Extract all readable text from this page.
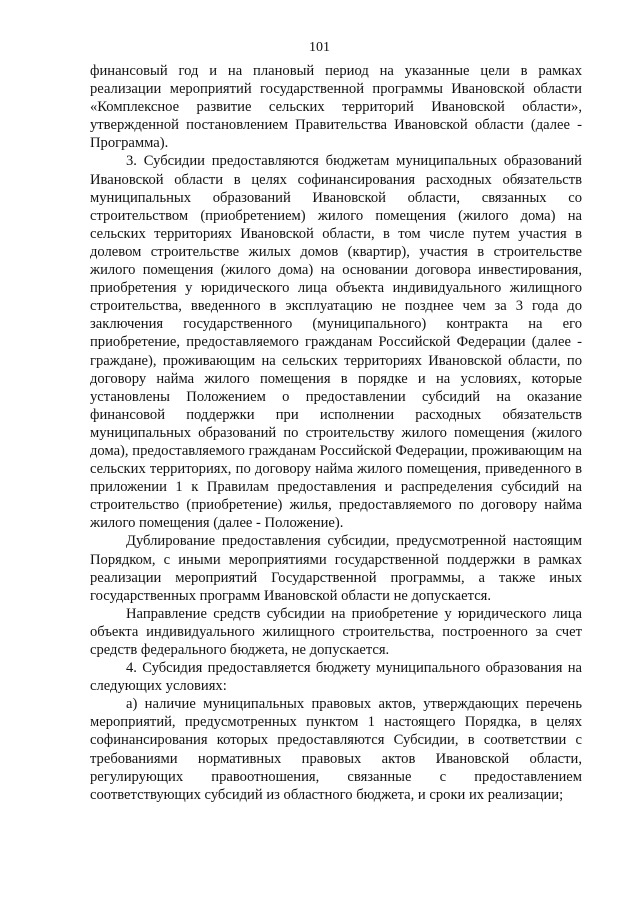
101

финансовый год и на плановый период на указанные цели в рамках реализации мероприятий государственной программы Ивановской области «Комплексное развитие сельских территорий Ивановской области», утвержденной постановлением Правительства Ивановской области (далее - Программа).

3. Субсидии предоставляются бюджетам муниципальных образований Ивановской области в целях софинансирования расходных обязательств муниципальных образований Ивановской области, связанных со строительством (приобретением) жилого помещения (жилого дома) на сельских территориях Ивановской области, в том числе путем участия в долевом строительстве жилых домов (квартир), участия в строительстве жилого помещения (жилого дома) на основании договора инвестирования, приобретения у юридического лица объекта индивидуального жилищного строительства, введенного в эксплуатацию не позднее чем за 3 года до заключения государственного (муниципального) контракта на его приобретение, предоставляемого гражданам Российской Федерации (далее - граждане), проживающим на сельских территориях Ивановской области, по договору найма жилого помещения в порядке и на условиях, которые установлены Положением о предоставлении субсидий на оказание финансовой поддержки при исполнении расходных обязательств муниципальных образований по строительству жилого помещения (жилого дома), предоставляемого гражданам Российской Федерации, проживающим на сельских территориях, по договору найма жилого помещения, приведенного в приложении 1 к Правилам предоставления и распределения субсидий на строительство (приобретение) жилья, предоставляемого по договору найма жилого помещения (далее - Положение).

Дублирование предоставления субсидии, предусмотренной настоящим Порядком, с иными мероприятиями государственной поддержки в рамках реализации мероприятий Государственной программы, а также иных государственных программ Ивановской области не допускается.

Направление средств субсидии на приобретение у юридического лица объекта индивидуального жилищного строительства, построенного за счет средств федерального бюджета, не допускается.

4. Субсидия предоставляется бюджету муниципального образования на следующих условиях:

а) наличие муниципальных правовых актов, утверждающих перечень мероприятий, предусмотренных пунктом 1 настоящего Порядка, в целях софинансирования которых предоставляются Субсидии, в соответствии с требованиями нормативных правовых актов Ивановской области, регулирующих правоотношения, связанные с предоставлением соответствующих субсидий из областного бюджета, и сроки их реализации;
